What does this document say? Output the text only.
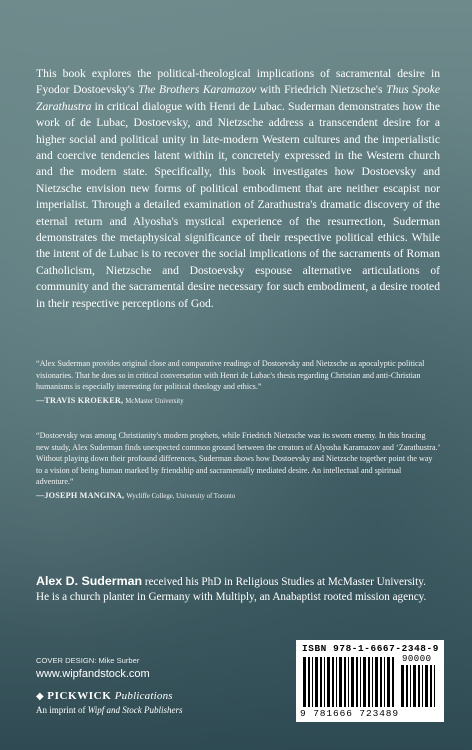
This book explores the political-theological implications of sacramental desire in Fyodor Dostoevsky's The Brothers Karamazov with Friedrich Nietzsche's Thus Spoke Zarathustra in critical dialogue with Henri de Lubac. Suderman demonstrates how the work of de Lubac, Dostoevsky, and Nietzsche address a transcendent desire for a higher social and political unity in late-modern Western cultures and the imperialistic and coercive tendencies latent within it, concretely expressed in the Western church and the modern state. Specifically, this book investigates how Dostoevsky and Nietzsche envision new forms of political embodiment that are neither escapist nor imperialist. Through a detailed examination of Zarathustra's dramatic discovery of the eternal return and Alyosha's mystical experience of the resurrection, Suderman demonstrates the metaphysical significance of their respective political ethics. While the intent of de Lubac is to recover the social implications of the sacraments of Roman Catholicism, Nietzsche and Dostoevsky espouse alternative articulations of community and the sacramental desire necessary for such embodiment, a desire rooted in their respective perceptions of God.
“Alex Suderman provides original close and comparative readings of Dostoevsky and Nietzsche as apocalyptic political visionaries. That he does so in critical conversation with Henri de Lubac's thesis regarding Christian and anti-Christian humanisms is especially interesting for political theology and ethics.”
—TRAVIS KROEKER, McMaster University
“Dostoevsky was among Christianity's modern prophets, while Friedrich Nietzsche was its sworn enemy. In this bracing new study, Alex Suderman finds unexpected common ground between the creators of Alyosha Karamazov and ‘Zarathustra.’ Without playing down their profound differences, Suderman shows how Dostoevsky and Nietzsche together point the way to a vision of being human marked by friendship and sacramentally mediated desire. An intellectual and spiritual adventure.”
—JOSEPH MANGINA, Wycliffe College, University of Toronto
Alex D. Suderman received his PhD in Religious Studies at McMaster University. He is a church planter in Germany with Multiply, an Anabaptist rooted mission agency.
COVER DESIGN: Mike Surber
www.wipfandstock.com
◆ PICKWICK Publications
An imprint of Wipf and Stock Publishers
ISBN 978-1-6667-2348-9
90000
9 781666 723489
